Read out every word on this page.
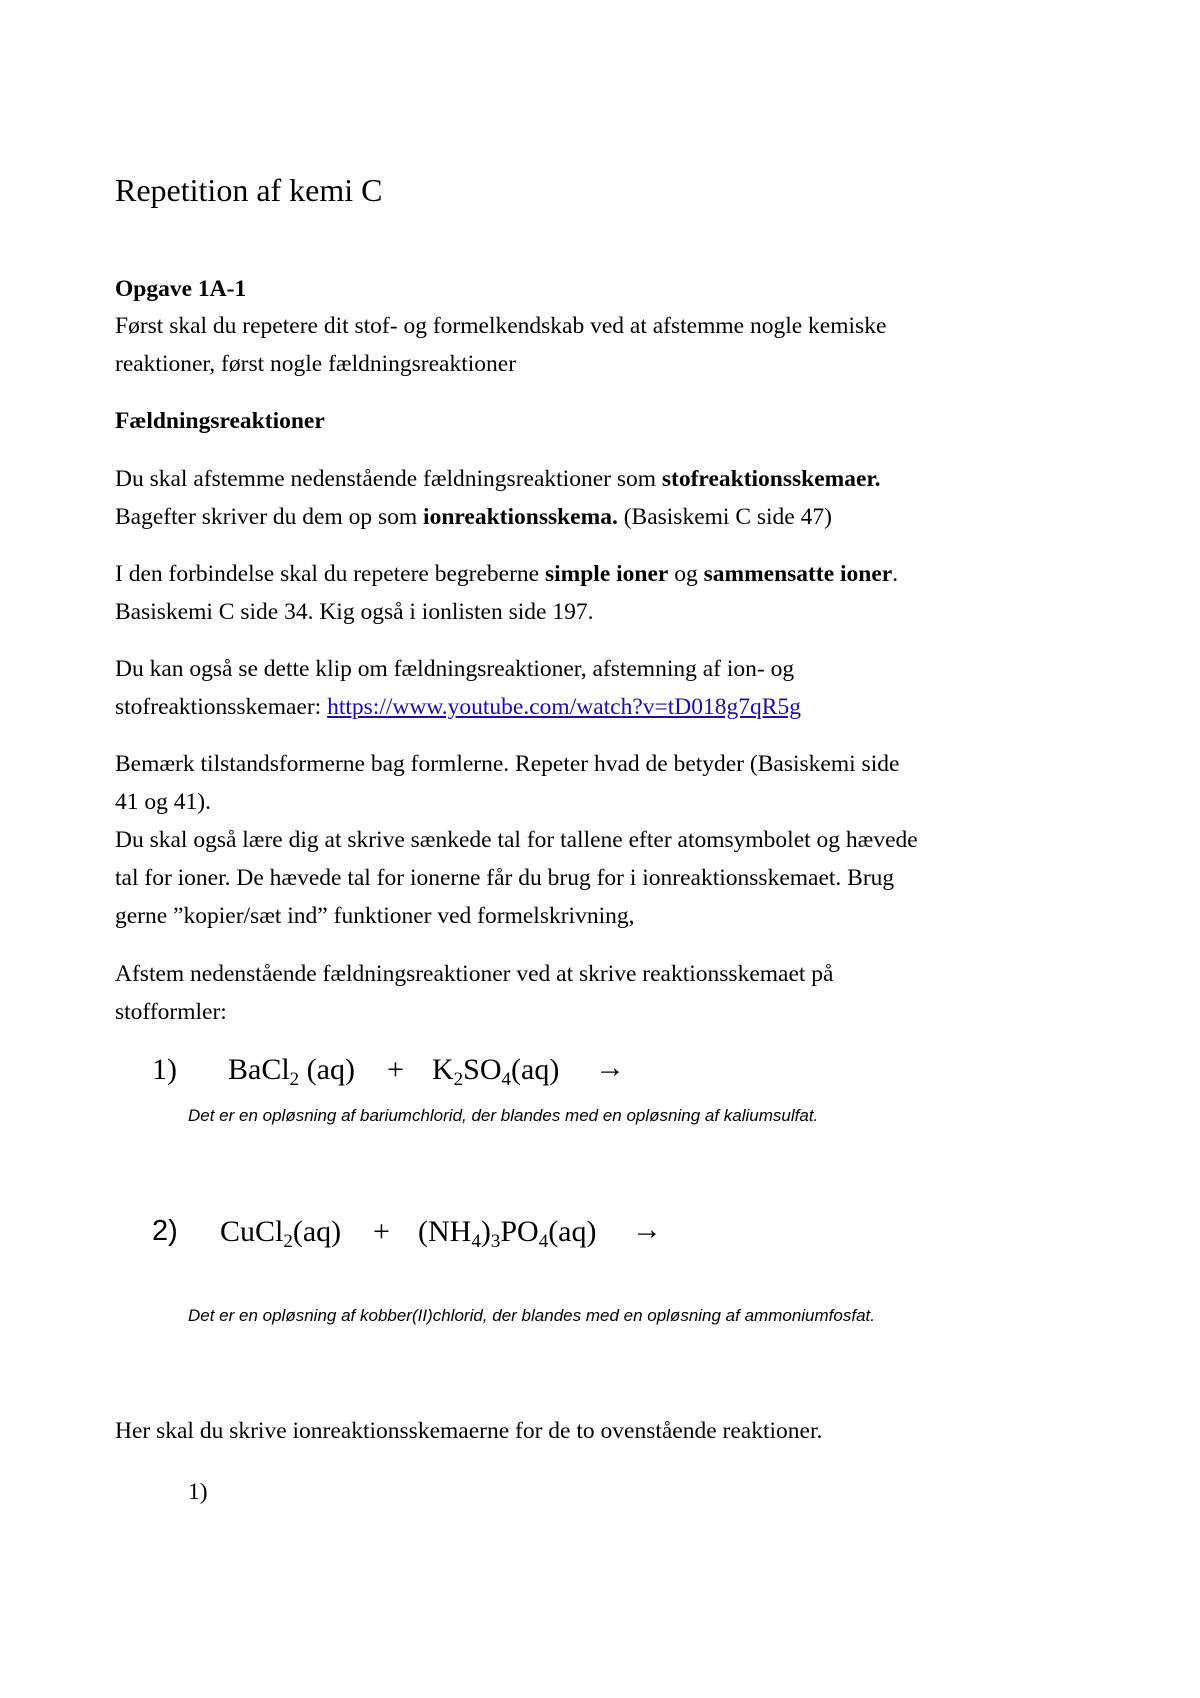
Repetition af kemi C
Opgave 1A-1
Først skal du repetere dit stof- og formelkendskab ved at afstemme nogle kemiske
reaktioner, først nogle fældningsreaktioner
Fældningsreaktioner
Du skal afstemme nedenstående fældningsreaktioner som stofreaktionsskemaer.
Bagefter skriver du dem op som ionreaktionsskema. (Basiskemi C side 47)
I den forbindelse skal du repetere begreberne simple ioner og sammensatte ioner.
Basiskemi C side 34. Kig også i ionlisten side 197.
Du kan også se dette klip om fældningsreaktioner, afstemning af ion- og
stofreaktionsskemaer: https://www.youtube.com/watch?v=tD018g7qR5g
Bemærk tilstandsformerne bag formlerne. Repeter hvad de betyder (Basiskemi side
41 og 41).
Du skal også lære dig at skrive sænkede tal for tallene efter atomsymbolet og hævede
tal for ioner. De hævede tal for ionerne får du brug for i ionreaktionsskemaet. Brug
gerne ”kopier/sæt ind” funktioner ved formelskrivning,
Afstem nedenstående fældningsreaktioner ved at skrive reaktionsskemaet på
stofformler:
1) BaCl$_2$ $(aq) + K_2SO_4(aq)$ →
Det er en opløsning af bariumchlorid, der blandes med en opløsning af kaliumsulfat.
2) CuCl$_2$(aq) + $(NH_4)_3PO_4(aq)$ →
Det er en opløsning af kobber(II)chlorid, der blandes med en opløsning af ammoniumfosfat.
Her skal du skrive ionreaktionsskemaerne for de to ovenstående reaktioner.
1)
